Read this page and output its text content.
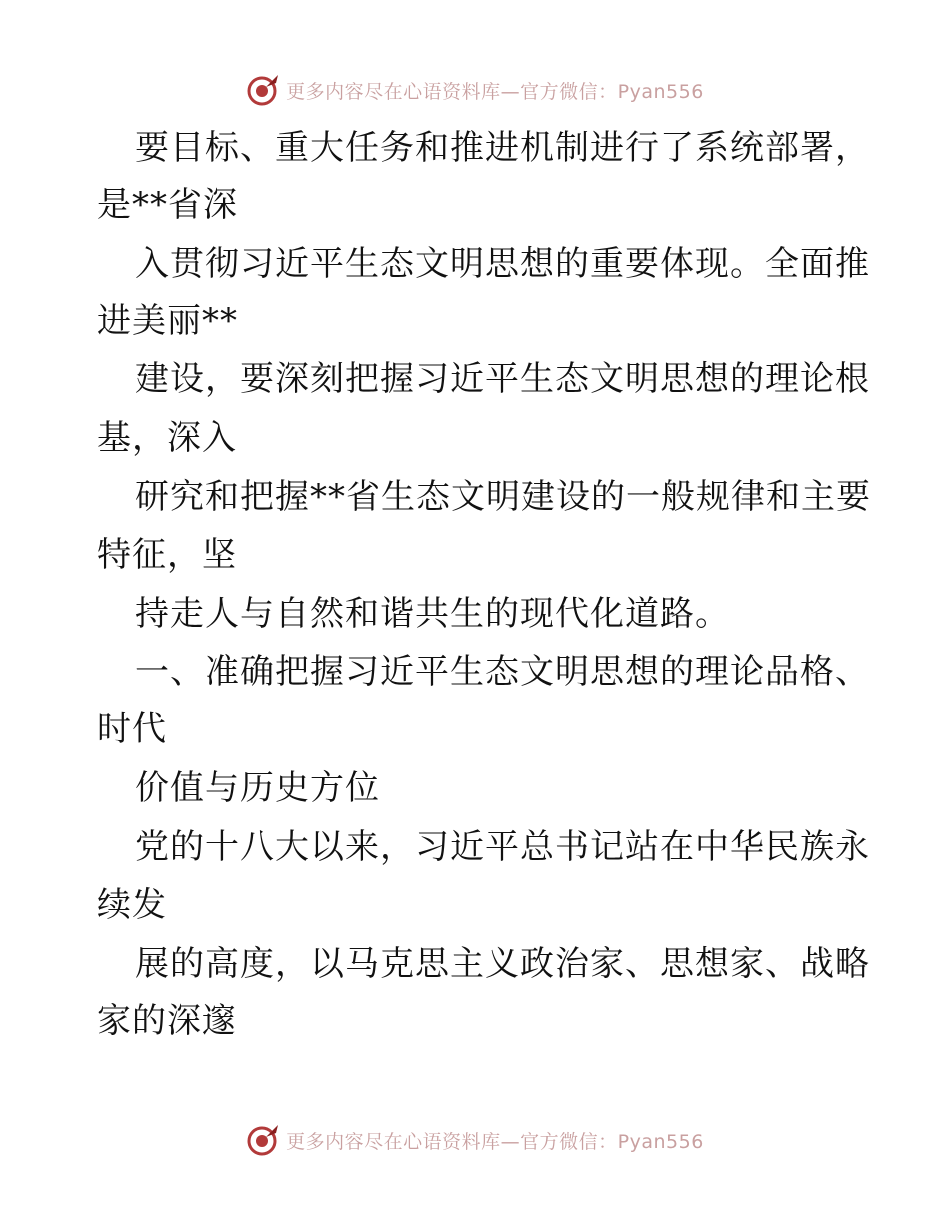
更多内容尽在心语资料库—官方微信：Pyan556
要目标、重大任务和推进机制进行了系统部署，
是**省深
入贯彻习近平生态文明思想的重要体现。全面推
进美丽**
建设，要深刻把握习近平生态文明思想的理论根
基，深入
研究和把握**省生态文明建设的一般规律和主要
特征，坚
持走人与自然和谐共生的现代化道路。
一、准确把握习近平生态文明思想的理论品格、
时代
价值与历史方位
党的十八大以来，习近平总书记站在中华民族永
续发
展的高度，以马克思主义政治家、思想家、战略
家的深邃
更多内容尽在心语资料库—官方微信：Pyan556
